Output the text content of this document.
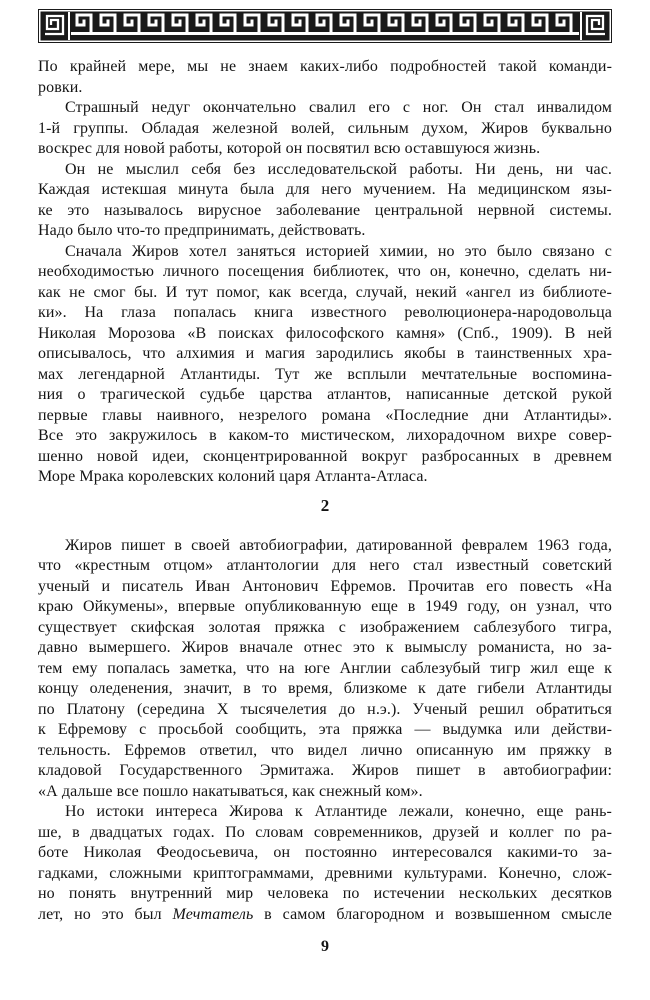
По крайней мере, мы не знаем каких-либо подробностей такой команди-
ровки.
Страшный недуг окончательно свалил его с ног. Он стал инвалидом
1-й группы. Обладая железной волей, сильным духом, Жиров буквально
воскрес для новой работы, которой он посвятил всю оставшуюся жизнь.
Он не мыслил себя без исследовательской работы. Ни день, ни час.
Каждая истекшая минута была для него мучением. На медицинском язы-
ке это называлось вирусное заболевание центральной нервной системы.
Надо было что-то предпринимать, действовать.
Сначала Жиров хотел заняться историей химии, но это было связано с
необходимостью личного посещения библиотек, что он, конечно, сделать ни-
как не смог бы. И тут помог, как всегда, случай, некий «ангел из библиоте-
ки». На глаза попалась книга известного революционера-народовольца
Николая Морозова «В поисках философского камня» (Спб., 1909). В ней
описывалось, что алхимия и магия зародились якобы в таинственных хра-
мах легендарной Атлантиды. Тут же всплыли мечтательные воспомина-
ния о трагической судьбе царства атлантов, написанные детской рукой
первые главы наивного, незрелого романа «Последние дни Атлантиды».
Все это закружилось в каком-то мистическом, лихорадочном вихре совер-
шенно новой идеи, сконцентрированной вокруг разбросанных в древнем
Море Мрака королевских колоний царя Атланта-Атласа.
2
Жиров пишет в своей автобиографии, датированной февралем 1963 года,
что «крестным отцом» атлантологии для него стал известный советский
ученый и писатель Иван Антонович Ефремов. Прочитав его повесть «На
краю Ойкумены», впервые опубликованную еще в 1949 году, он узнал, что
существует скифская золотая пряжка с изображением саблезубого тигра,
давно вымершего. Жиров вначале отнес это к вымыслу романиста, но за-
тем ему попалась заметка, что на юге Англии саблезубый тигр жил еще к
концу оледенения, значит, в то время, близкоме к дате гибели Атлантиды
по Платону (середина X тысячелетия до н.э.). Ученый решил обратиться
к Ефремову с просьбой сообщить, эта пряжка — выдумка или действи-
тельность. Ефремов ответил, что видел лично описанную им пряжку в
кладовой Государственного Эрмитажа. Жиров пишет в автобиографии:
«А дальше все пошло накатываться, как снежный ком».
Но истоки интереса Жирова к Атлантиде лежали, конечно, еще рань-
ше, в двадцатых годах. По словам современников, друзей и коллег по ра-
боте Николая Феодосьевича, он постоянно интересовался какими-то за-
гадками, сложными криптограммами, древними культурами. Конечно, слож-
но понять внутренний мир человека по истечении нескольких десятков
лет, но это был Мечтатель в самом благородном и возвышенном смысле
9
